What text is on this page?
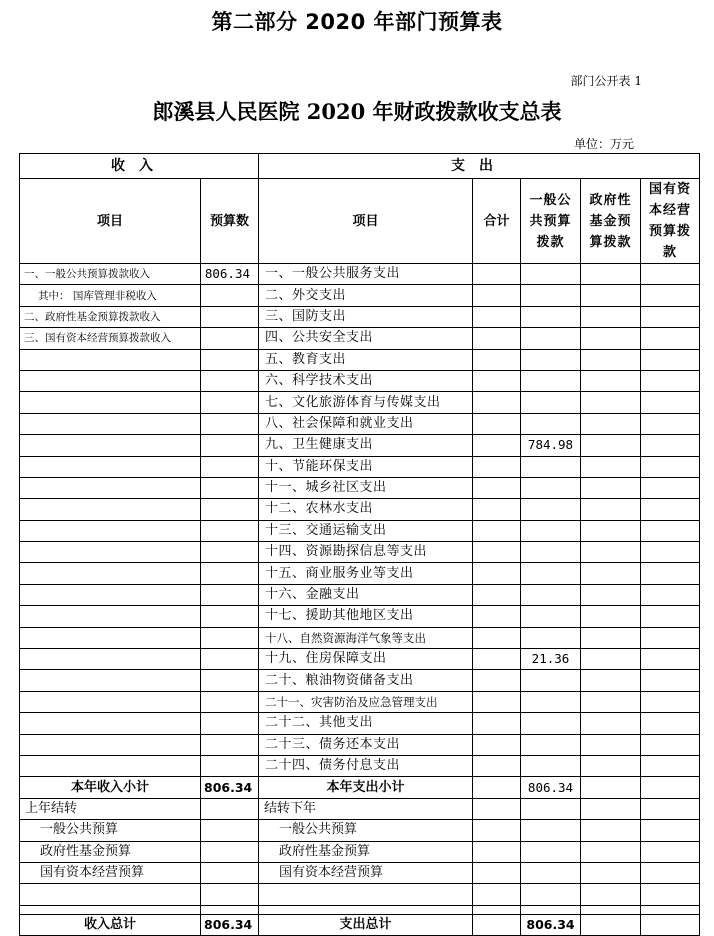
第二部分 2020 年部门预算表
部门公开表 1
郎溪县人民医院 2020 年财政拨款收支总表
单位：万元
收入		支出				
项目	预算数	项目	合计	一般公共预算拨款	政府性基金预算拨款	国有资本经营预算拨款
一、一般公共预算拨款收入	806.34	一、一般公共服务支出				
其中： 国库管理非税收入		二、外交支出				
二、政府性基金预算拨款收入		三、国防支出				
三、国有资本经营预算拨款收入		四、公共安全支出				
		五、教育支出				
		六、科学技术支出				
		七、文化旅游体育与传媒支出				
		八、社会保障和就业支出				
		九、卫生健康支出		784.98		
		十、节能环保支出				
		十一、城乡社区支出				
		十二、农林水支出				
		十三、交通运输支出				
		十四、资源勘探信息等支出				
		十五、商业服务业等支出				
		十六、金融支出				
		十七、援助其他地区支出				
		十八、自然资源海洋气象等支出				
		十九、住房保障支出		21.36		
		二十、粮油物资储备支出				
		二十一、灾害防治及应急管理支出				
		二十二、其他支出				
		二十三、债务还本支出				
		二十四、债务付息支出				
本年收入小计	806.34	本年支出小计		806.34		
上年结转		结转下年				
一般公共预算		一般公共预算				
政府性基金预算		政府性基金预算				
国有资本经营预算		国有资本经营预算				

收入总计	806.34	支出总计		806.34		
